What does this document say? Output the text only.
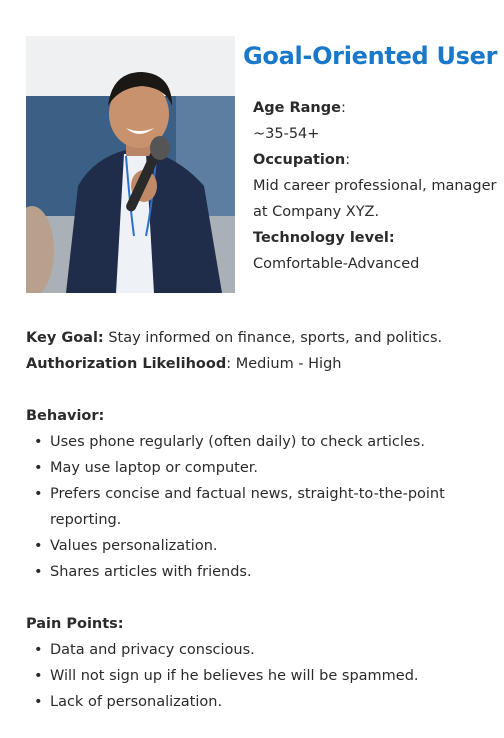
Goal-Oriented User
Age Range:
~35-54+
Occupation:
Mid career professional, manager at Company XYZ.
Technology level:
Comfortable-Advanced
Key Goal: Stay informed on finance, sports, and politics.
Authorization Likelihood: Medium - High
Behavior:
• Uses phone regularly (often daily) to check articles.
• May use laptop or computer.
• Prefers concise and factual news, straight-to-the-point reporting.
• Values personalization.
• Shares articles with friends.
Pain Points:
• Data and privacy conscious.
• Will not sign up if he believes he will be spammed.
• Lack of personalization.
